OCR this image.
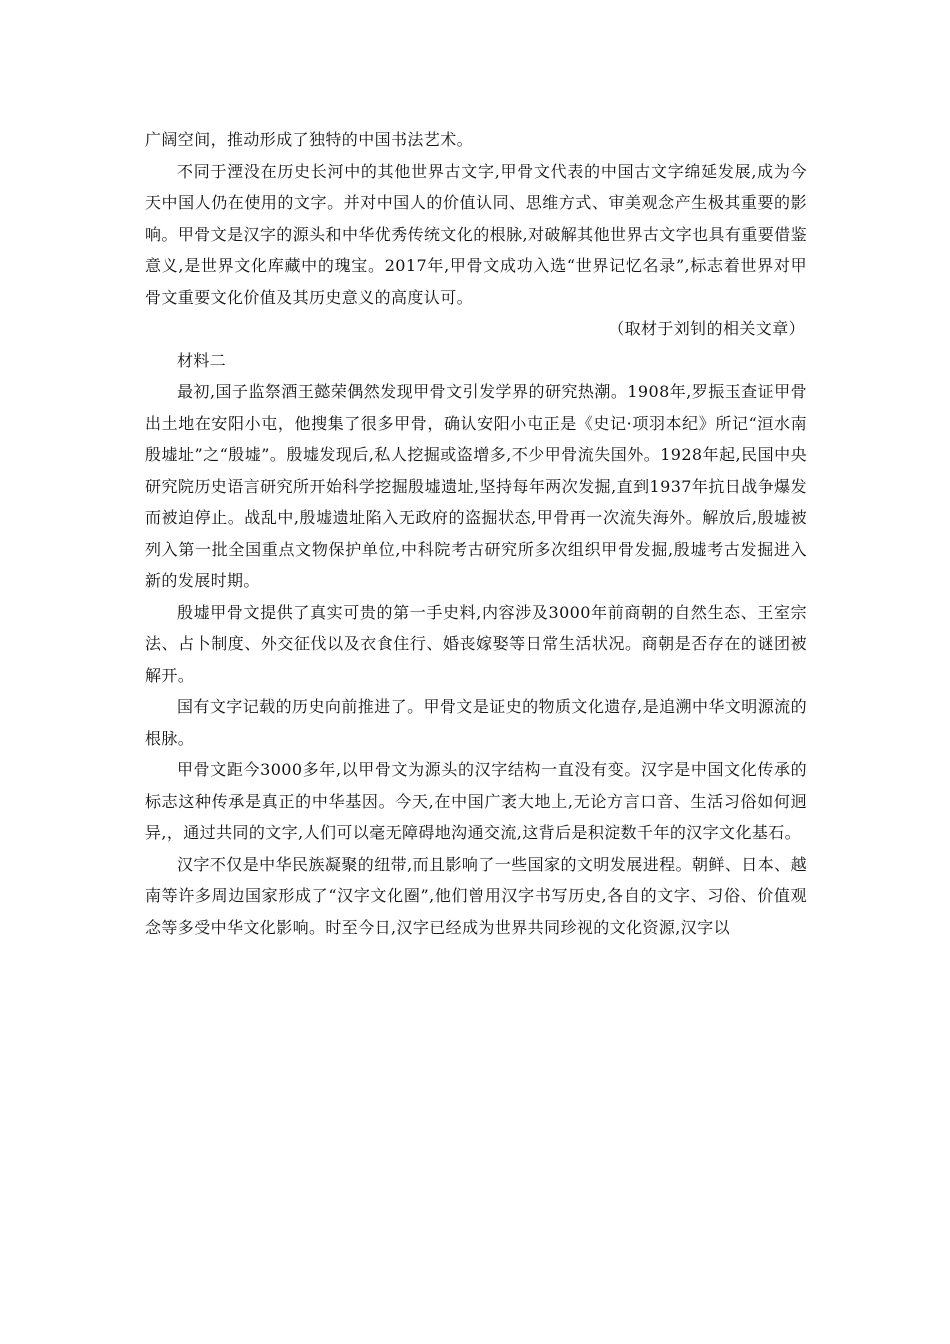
广阔空间，推动形成了独特的中国书法艺术。

不同于湮没在历史长河中的其他世界古文字,甲骨文代表的中国古文字绵延发展,成为今天中国人仍在使用的文字。并对中国人的价值认同、思维方式、审美观念产生极其重要的影响。甲骨文是汉字的源头和中华优秀传统文化的根脉,对破解其他世界古文字也具有重要借鉴意义,是世界文化库藏中的瑰宝。2017年,甲骨文成功入选“世界记忆名录”,标志着世界对甲骨文重要文化价值及其历史意义的高度认可。

（取材于刘钊的相关文章）

材料二

最初,国子监祭酒王懿荣偶然发现甲骨文引发学界的研究热潮。1908年,罗振玉查证甲骨出土地在安阳小屯，他搜集了很多甲骨，确认安阳小屯正是《史记·项羽本纪》所记“洹水南殷墟址”之“殷墟”。殷墟发现后,私人挖掘或盗增多,不少甲骨流失国外。1928年起,民国中央研究院历史语言研究所开始科学挖掘殷墟遗址,坚持每年两次发掘,直到1937年抗日战争爆发而被迫停止。战乱中,殷墟遗址陷入无政府的盗掘状态,甲骨再一次流失海外。解放后,殷墟被列入第一批全国重点文物保护单位,中科院考古研究所多次组织甲骨发掘,殷墟考古发掘进入新的发展时期。

殷墟甲骨文提供了真实可贵的第一手史料,内容涉及3000年前商朝的自然生态、王室宗法、占卜制度、外交征伐以及衣食住行、婚丧嫁娶等日常生活状况。商朝是否存在的谜团被解开。

国有文字记载的历史向前推进了。甲骨文是证史的物质文化遗存,是追溯中华文明源流的根脉。

甲骨文距今3000多年,以甲骨文为源头的汉字结构一直没有变。汉字是中国文化传承的标志这种传承是真正的中华基因。今天,在中国广袤大地上,无论方言口音、生活习俗如何迥异,，通过共同的文字,人们可以毫无障碍地沟通交流,这背后是积淀数千年的汉字文化基石。

汉字不仅是中华民族凝聚的纽带,而且影响了一些国家的文明发展进程。朝鲜、日本、越南等许多周边国家形成了“汉字文化圈”,他们曾用汉字书写历史,各自的文字、习俗、价值观念等多受中华文化影响。时至今日,汉字已经成为世界共同珍视的文化资源,汉字以
